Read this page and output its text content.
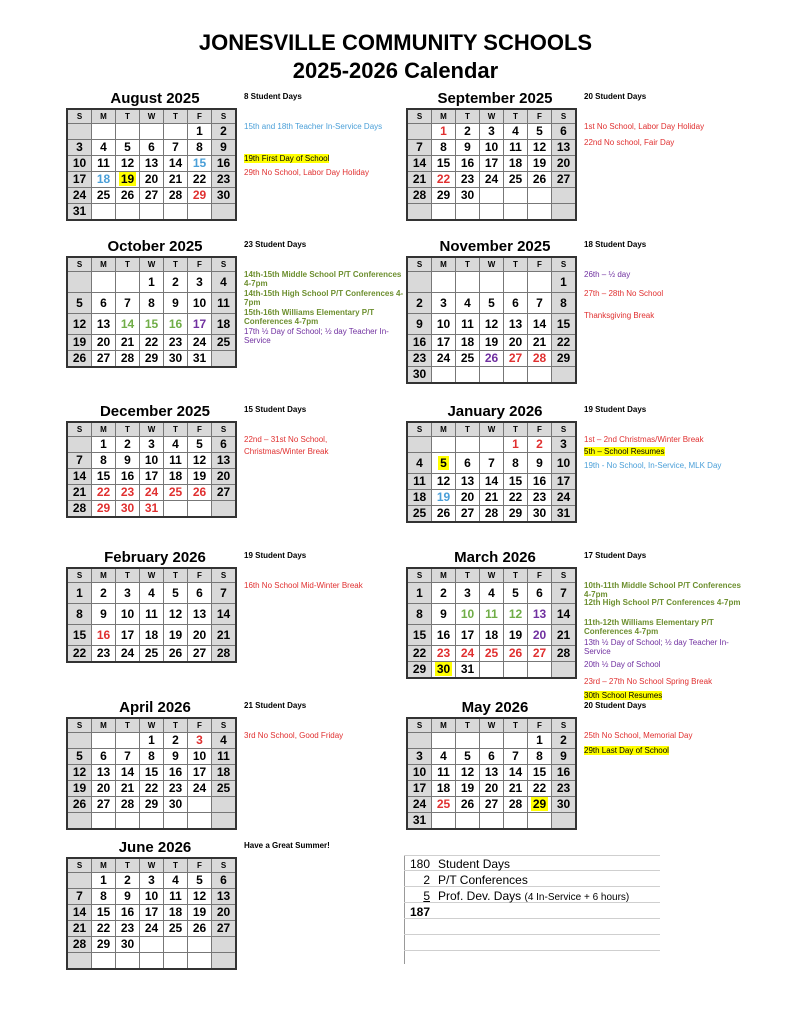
JONESVILLE COMMUNITY SCHOOLS
2025-2026 Calendar
August 2025	8 Student Days
S	M	T	W	T	F	S
					1	2
3	4	5	6	7	8	9
10	11	12	13	14	15	16
17	18	19	20	21	22	23
24	25	26	27	28	29	30
31						
15th and 18th Teacher In-Service Days
19th First Day of School
29th No School, Labor Day Holiday
September 2025	20 Student Days
S	M	T	W	T	F	S
	1	2	3	4	5	6
7	8	9	10	11	12	13
14	15	16	17	18	19	20
21	22	23	24	25	26	27
28	29	30				

1st No School, Labor Day Holiday
22nd No school, Fair Day
October 2025	23 Student Days
S	M	T	W	T	F	S
			1	2	3	4
5	6	7	8	9	10	11
12	13	14	15	16	17	18
19	20	21	22	23	24	25
26	27	28	29	30	31	
14th-15th Middle School P/T Conferences 4-7pm
14th-15th High School P/T Conferences 4-7pm
15th-16th Williams Elementary P/T Conferences 4-7pm
17th ½ Day of School; ½ day Teacher In-Service
November 2025	18 Student Days
S	M	T	W	T	F	S
						1
2	3	4	5	6	7	8
9	10	11	12	13	14	15
16	17	18	19	20	21	22
23	24	25	26	27	28	29
30						
26th – ½ day
27th – 28th No School
Thanksgiving Break
December 2025	15 Student Days
S	M	T	W	T	F	S
	1	2	3	4	5	6
7	8	9	10	11	12	13
14	15	16	17	18	19	20
21	22	23	24	25	26	27
28	29	30	31			
22nd – 31st No School,
Christmas/Winter Break
January 2026	19 Student Days
S	M	T	W	T	F	S
				1	2	3
4	5	6	7	8	9	10
11	12	13	14	15	16	17
18	19	20	21	22	23	24
25	26	27	28	29	30	31
1st – 2nd Christmas/Winter Break
5th – School Resumes
19th - No School, In-Service, MLK Day
February 2026	19 Student Days
S	M	T	W	T	F	S
1	2	3	4	5	6	7
8	9	10	11	12	13	14
15	16	17	18	19	20	21
22	23	24	25	26	27	28
16th No School Mid-Winter Break
March 2026	17 Student Days
S	M	T	W	T	F	S
1	2	3	4	5	6	7
8	9	10	11	12	13	14
15	16	17	18	19	20	21
22	23	24	25	26	27	28
29	30	31				
10th-11th Middle School P/T Conferences 4-7pm
12th High School P/T Conferences 4-7pm
11th-12th Williams Elementary P/T Conferences 4-7pm
13th ½ Day of School; ½ day Teacher In-Service
20th ½ Day of School
23rd – 27th No School Spring Break
30th School Resumes
April 2026	21 Student Days
S	M	T	W	T	F	S
			1	2	3	4
5	6	7	8	9	10	11
12	13	14	15	16	17	18
19	20	21	22	23	24	25
26	27	28	29	30		

3rd No School, Good Friday
May 2026	20 Student Days
S	M	T	W	T	F	S
					1	2
3	4	5	6	7	8	9
10	11	12	13	14	15	16
17	18	19	20	21	22	23
24	25	26	27	28	29	30
31						
25th No School, Memorial Day
29th Last Day of School
June 2026	Have a Great Summer!
S	M	T	W	T	F	S
	1	2	3	4	5	6
7	8	9	10	11	12	13
14	15	16	17	18	19	20
21	22	23	24	25	26	27
28	29	30				

180 Student Days
2 P/T Conferences
5 Prof. Dev. Days (4 In-Service + 6 hours)
187
